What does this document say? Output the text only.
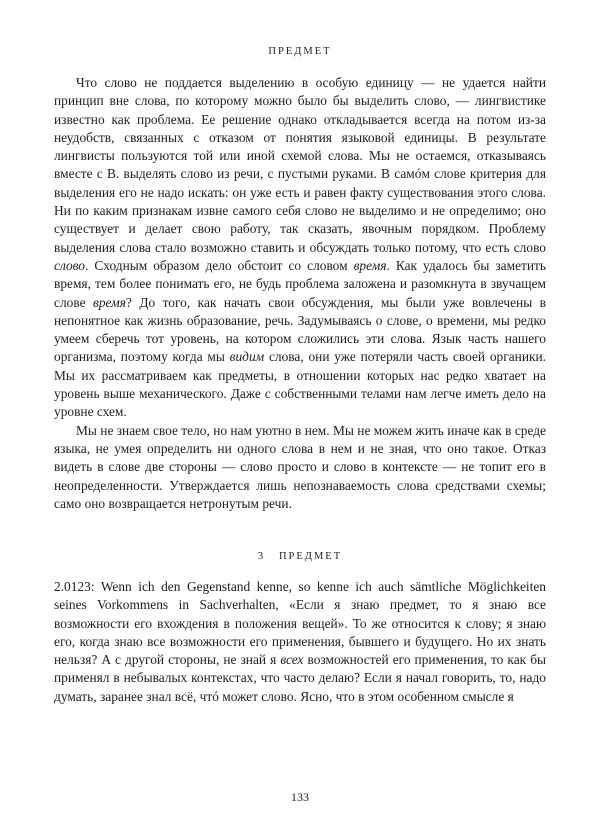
ПРЕДМЕТ

Что слово не поддается выделению в особую единицу — не удается найти принцип вне слова, по которому можно было бы выделить слово, — лингвистике известно как проблема. Ее решение однако откладывается всегда на потом из-за неудобств, связанных с отказом от понятия языковой единицы. В результате лингвисты пользуются той или иной схемой слова. Мы не остаемся, отказываясь вместе с В. выделять слово из речи, с пустыми руками. В самóм слове критерия для выделения его не надо искать: он уже есть и равен факту существования этого слова. Ни по каким признакам извне самого себя слово не выделимо и не определимо; оно существует и делает свою работу, так сказать, явочным порядком. Проблему выделения слова стало возможно ставить и обсуждать только потому, что есть слово слово. Сходным образом дело обстоит со словом время. Как удалось бы заметить время, тем более понимать его, не будь проблема заложена и разомкнута в звучащем слове время? До того, как начать свои обсуждения, мы были уже вовлечены в непонятное как жизнь образование, речь. Задумываясь о слове, о времени, мы редко умеем сберечь тот уровень, на котором сложились эти слова. Язык часть нашего организма, поэтому когда мы видим слова, они уже потеряли часть своей органики. Мы их рассматриваем как предметы, в отношении которых нас редко хватает на уровень выше механического. Даже с собственными телами нам легче иметь дело на уровне схем.

Мы не знаем свое тело, но нам уютно в нем. Мы не можем жить иначе как в среде языка, не умея определить ни одного слова в нем и не зная, что оно такое. Отказ видеть в слове две стороны — слово просто и слово в контексте — не топит его в неопределенности. Утверждается лишь непознаваемость слова средствами схемы; само оно возвращается нетронутым речи.

3 ПРЕДМЕТ

2.0123: Wenn ich den Gegenstand kenne, so kenne ich auch sämtliche Möglichkeiten seines Vorkommens in Sachverhalten, «Если я знаю предмет, то я знаю все возможности его вхождения в положения вещей». То же относится к слову; я знаю его, когда знаю все возможности его применения, бывшего и будущего. Но их знать нельзя? А с другой стороны, не знай я всех возможностей его применения, то как бы применял в небывалых контекстах, что часто делаю? Если я начал говорить, то, надо думать, заранее знал всё, чтó может слово. Ясно, что в этом особенном смысле я

133
